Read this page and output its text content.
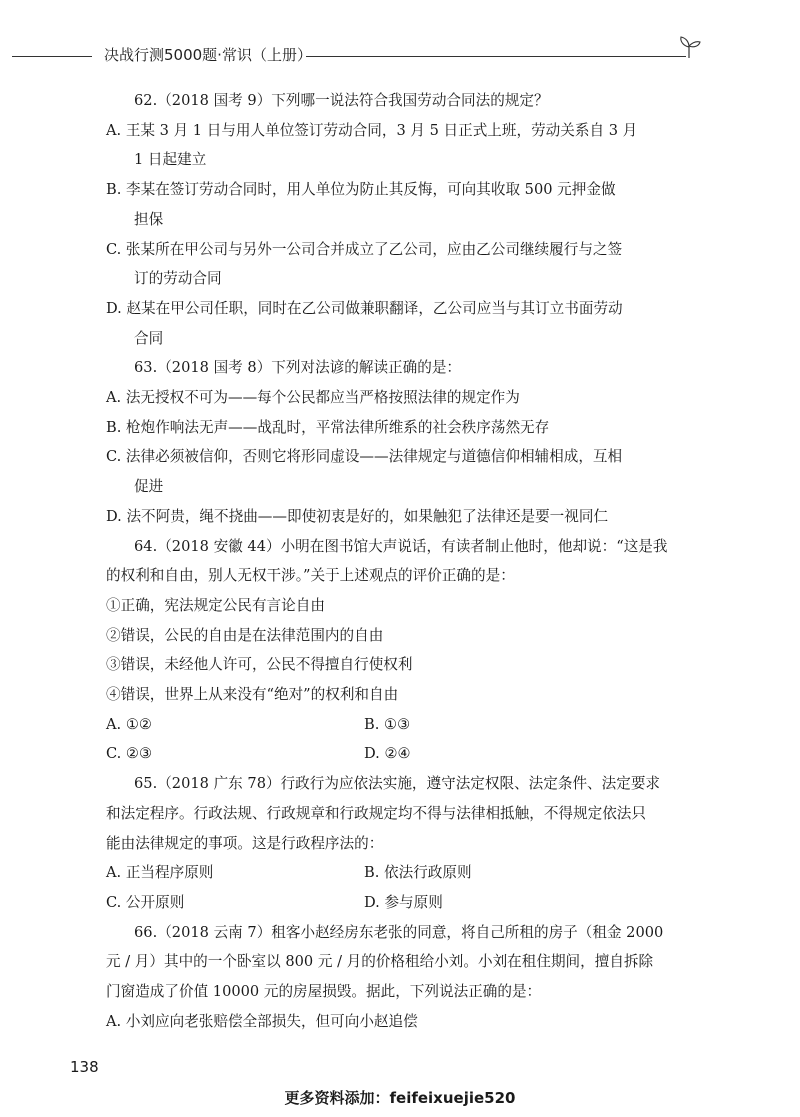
决战行测5000题·常识（上册）
62.（2018 国考 9）下列哪一说法符合我国劳动合同法的规定？
A. 王某 3 月 1 日与用人单位签订劳动合同，3 月 5 日正式上班，劳动关系自 3 月
1 日起建立
B. 李某在签订劳动合同时，用人单位为防止其反悔，可向其收取 500 元押金做
担保
C. 张某所在甲公司与另外一公司合并成立了乙公司，应由乙公司继续履行与之签
订的劳动合同
D. 赵某在甲公司任职，同时在乙公司做兼职翻译，乙公司应当与其订立书面劳动
合同
63.（2018 国考 8）下列对法谚的解读正确的是：
A. 法无授权不可为——每个公民都应当严格按照法律的规定作为
B. 枪炮作响法无声——战乱时，平常法律所维系的社会秩序荡然无存
C. 法律必须被信仰，否则它将形同虚设——法律规定与道德信仰相辅相成，互相
促进
D. 法不阿贵，绳不挠曲——即使初衷是好的，如果触犯了法律还是要一视同仁
64.（2018 安徽 44）小明在图书馆大声说话，有读者制止他时，他却说：“这是我
的权利和自由，别人无权干涉。”关于上述观点的评价正确的是：
①正确，宪法规定公民有言论自由
②错误，公民的自由是在法律范围内的自由
③错误，未经他人许可，公民不得擅自行使权利
④错误，世界上从来没有“绝对”的权利和自由
A. ①②	B. ①③
C. ②③	D. ②④
65.（2018 广东 78）行政行为应依法实施，遵守法定权限、法定条件、法定要求
和法定程序。行政法规、行政规章和行政规定均不得与法律相抵触，不得规定依法只
能由法律规定的事项。这是行政程序法的：
A. 正当程序原则	B. 依法行政原则
C. 公开原则	D. 参与原则
66.（2018 云南 7）租客小赵经房东老张的同意，将自己所租的房子（租金 2000
元 / 月）其中的一个卧室以 800 元 / 月的价格租给小刘。小刘在租住期间，擅自拆除
门窗造成了价值 10000 元的房屋损毁。据此，下列说法正确的是：
A. 小刘应向老张赔偿全部损失，但可向小赵追偿
138
更多资料添加：feifeixuejie520
